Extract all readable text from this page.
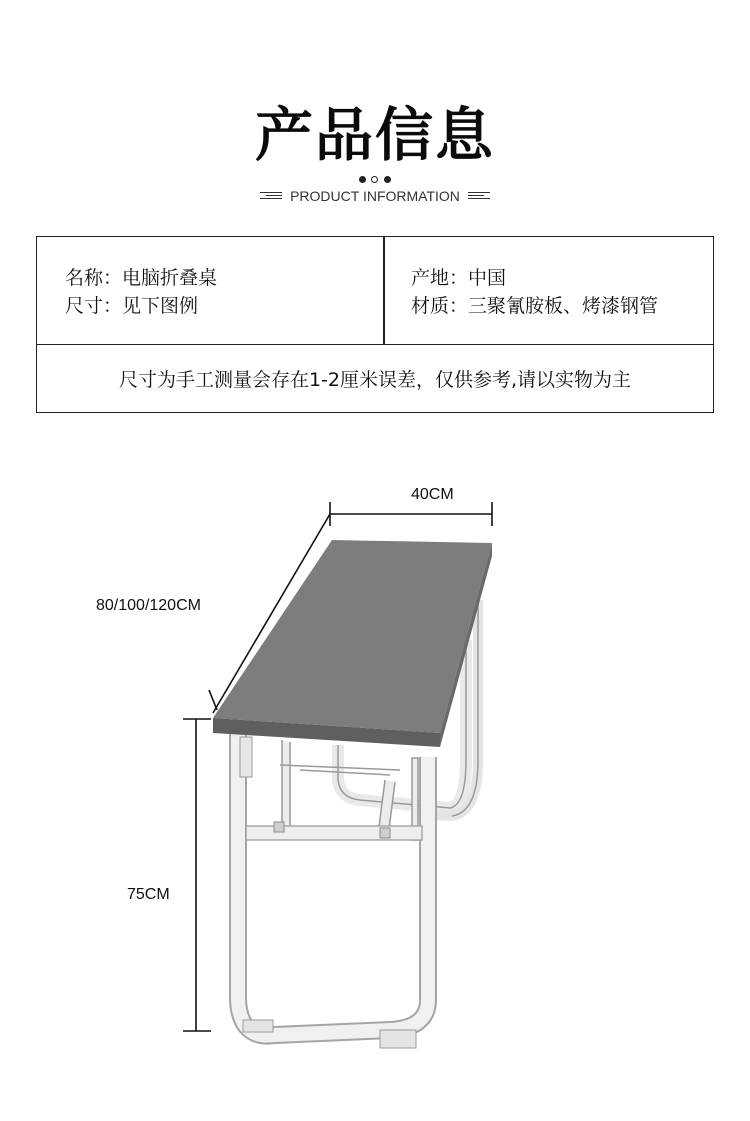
产品信息
PRODUCT INFORMATION
名称：电脑折叠桌
尺寸：见下图例
产地：中国
材质：三聚氰胺板、烤漆钢管
尺寸为手工测量会存在1-2厘米误差，仅供参考,请以实物为主
40CM
80/100/120CM
75CM
